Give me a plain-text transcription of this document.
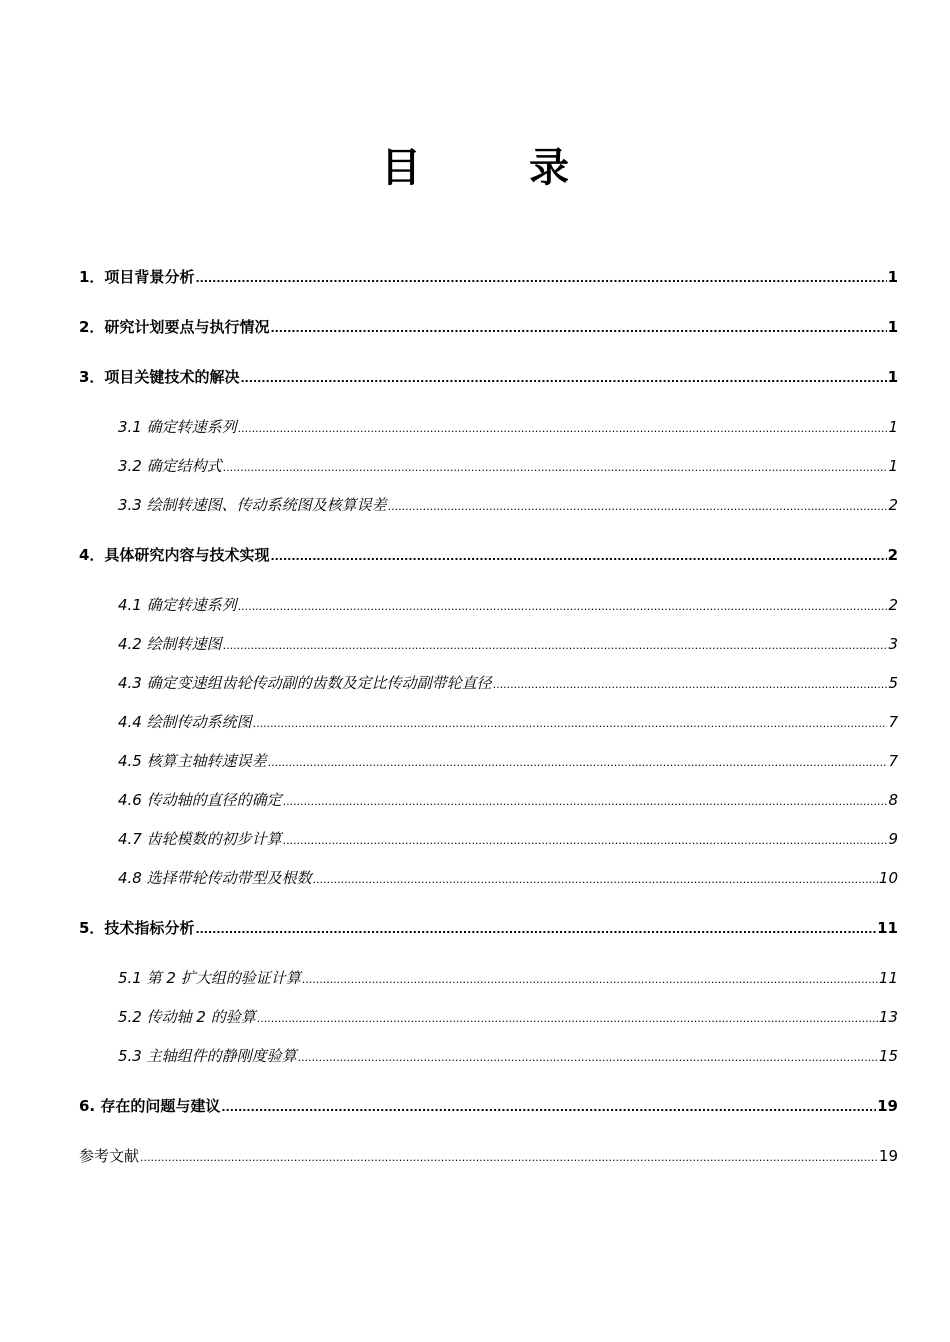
目　录
1．项目背景分析 .....	1
2．研究计划要点与执行情况 .....	1
3．项目关键技术的解决 .....	1
3.1 确定转速系列 .....	1
3.2 确定结构式 .....	1
3.3 绘制转速图、传动系统图及核算误差 .....	2
4．具体研究内容与技术实现 .....	2
4.1 确定转速系列 .....	2
4.2 绘制转速图 .....	3
4.3 确定变速组齿轮传动副的齿数及定比传动副带轮直径 .....	5
4.4 绘制传动系统图 .....	7
4.5 核算主轴转速误差 .....	7
4.6 传动轴的直径的确定 .....	8
4.7 齿轮模数的初步计算 .....	9
4.8 选择带轮传动带型及根数 .....	10
5．技术指标分析 .....	11
5.1 第 2 扩大组的验证计算 .....	11
5.2 传动轴 2 的验算 .....	13
5.3 主轴组件的静刚度验算 .....	15
6. 存在的问题与建议 .....	19
参考文献 .....	19
